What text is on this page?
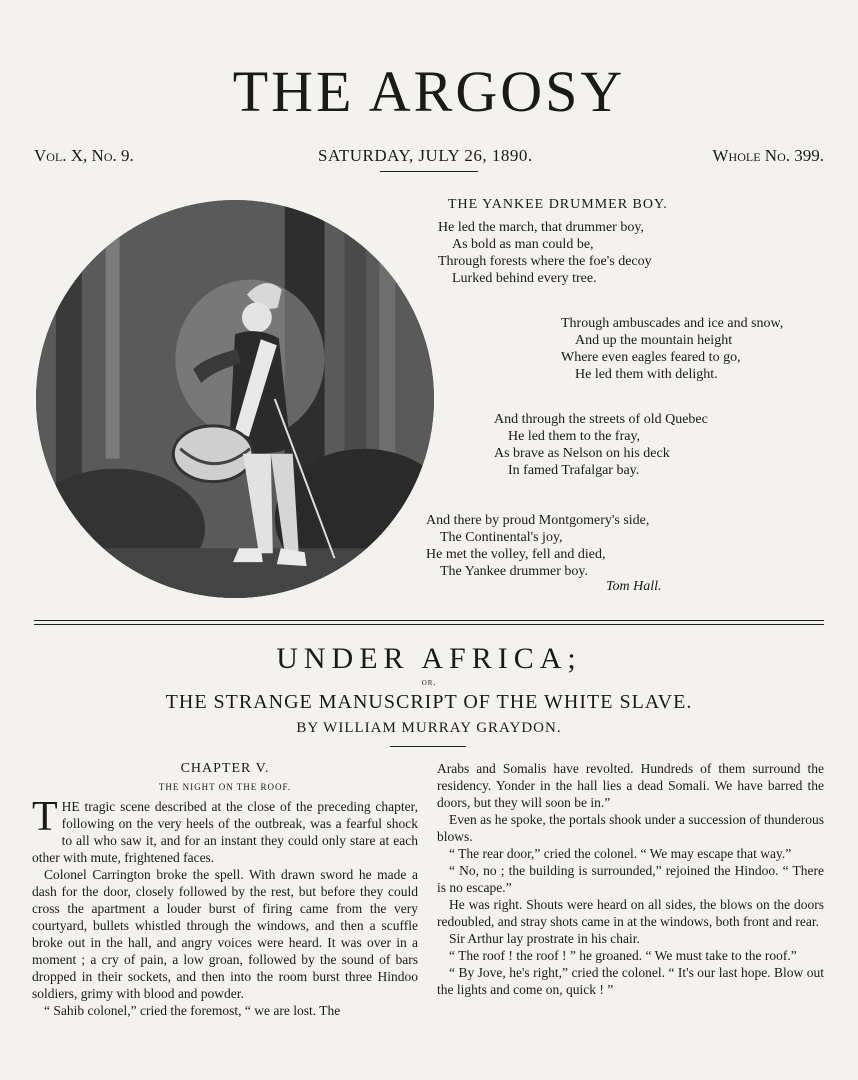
THE ARGOSY
Vol. X, No. 9.	SATURDAY, JULY 26, 1890.	Whole No. 399.
THE YANKEE DRUMMER BOY.
He led the march, that drummer boy,
As bold as man could be,
Through forests where the foe's decoy
Lurked behind every tree.
Through ambuscades and ice and snow,
And up the mountain height
Where even eagles feared to go,
He led them with delight.
And through the streets of old Quebec
He led them to the fray,
As brave as Nelson on his deck
In famed Trafalgar bay.
And there by proud Montgomery's side,
The Continental's joy,
He met the volley, fell and died,
The Yankee drummer boy.
Tom Hall.
UNDER AFRICA;
OR,
THE STRANGE MANUSCRIPT OF THE WHITE SLAVE.
BY WILLIAM MURRAY GRAYDON.
CHAPTER V.
THE NIGHT ON THE ROOF.

THE tragic scene described at the close of the preceding chapter, following on the very heels of the outbreak, was a fearful shock to all who saw it, and for an instant they could only stare at each other with mute, frightened faces.

Colonel Carrington broke the spell. With drawn sword he made a dash for the door, closely followed by the rest, but before they could cross the apartment a louder burst of firing came from the very courtyard, bullets whistled through the windows, and then a scuffle broke out in the hall, and angry voices were heard. It was over in a moment ; a cry of pain, a low groan, followed by the sound of bars dropped in their sockets, and then into the room burst three Hindoo soldiers, grimy with blood and powder.

“ Sahib colonel,” cried the foremost, “ we are lost. The

Arabs and Somalis have revolted. Hundreds of them surround the residency. Yonder in the hall lies a dead Somali. We have barred the doors, but they will soon be in.”

Even as he spoke, the portals shook under a succession of thunderous blows.

“ The rear door,” cried the colonel. “ We may escape that way.”

“ No, no ; the building is surrounded,” rejoined the Hindoo. “ There is no escape.”

He was right. Shouts were heard on all sides, the blows on the doors redoubled, and stray shots came in at the windows, both front and rear.

Sir Arthur lay prostrate in his chair.

“ The roof ! the roof ! ” he groaned. “ We must take to the roof.”

“ By Jove, he's right,” cried the colonel. “ It's our last hope. Blow out the lights and come on, quick ! ”
